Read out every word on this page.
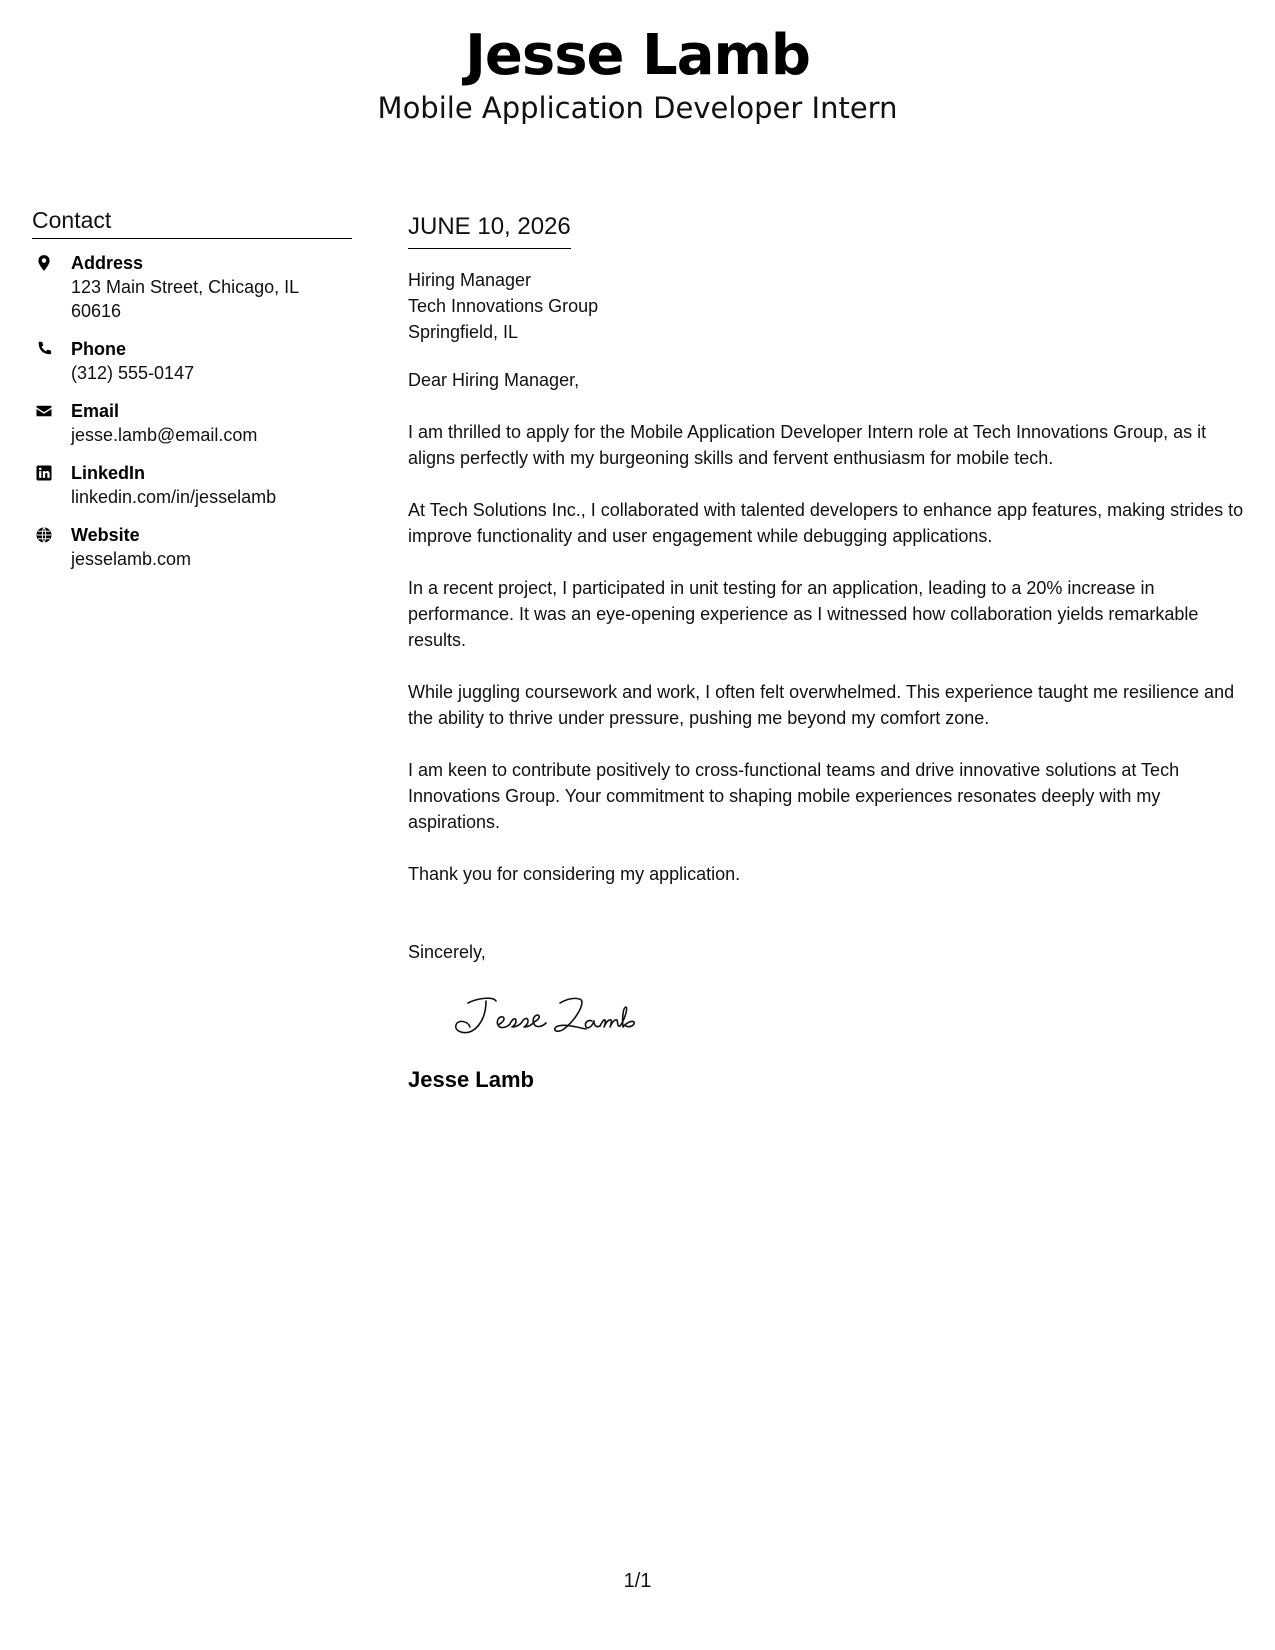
Jesse Lamb
Mobile Application Developer Intern
Contact
Address
123 Main Street, Chicago, IL 60616
Phone
(312) 555-0147
Email
jesse.lamb@email.com
LinkedIn
linkedin.com/in/jesselamb
Website
jesselamb.com
JUNE 10, 2026
Hiring Manager
Tech Innovations Group
Springfield, IL
Dear Hiring Manager,
I am thrilled to apply for the Mobile Application Developer Intern role at Tech Innovations Group, as it aligns perfectly with my burgeoning skills and fervent enthusiasm for mobile tech.
At Tech Solutions Inc., I collaborated with talented developers to enhance app features, making strides to improve functionality and user engagement while debugging applications.
In a recent project, I participated in unit testing for an application, leading to a 20% increase in performance. It was an eye-opening experience as I witnessed how collaboration yields remarkable results.
While juggling coursework and work, I often felt overwhelmed. This experience taught me resilience and the ability to thrive under pressure, pushing me beyond my comfort zone.
I am keen to contribute positively to cross-functional teams and drive innovative solutions at Tech Innovations Group. Your commitment to shaping mobile experiences resonates deeply with my aspirations.
Thank you for considering my application.
Sincerely,
Jesse Lamb
1/1
